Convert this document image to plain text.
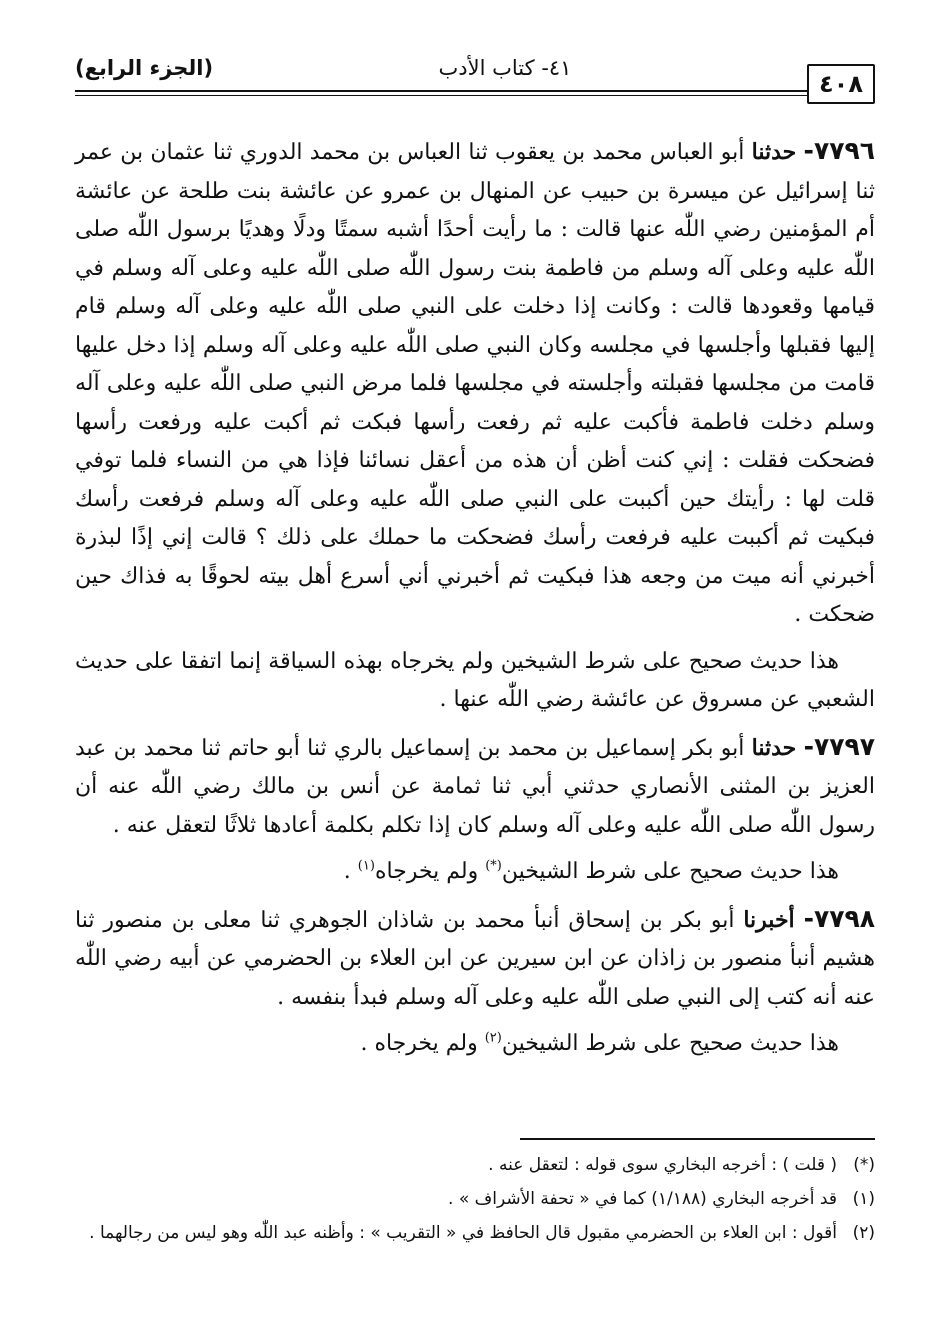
(الجزء الرابع)	٤١- كتاب الأدب
٤٠٨

٧٧٩٦- حدثنا أبو العباس محمد بن يعقوب ثنا العباس بن محمد الدوري ثنا عثمان بن عمر ثنا إسرائيل عن ميسرة بن حبيب عن المنهال بن عمرو عن عائشة بنت طلحة عن عائشة أم المؤمنين رضي اللّٰه عنها قالت : ما رأيت أحدًا أشبه سمتًا ودلًا وهديًا برسول اللّٰه صلى اللّٰه عليه وعلى آله وسلم من فاطمة بنت رسول اللّٰه صلى اللّٰه عليه وعلى آله وسلم في قيامها وقعودها قالت : وكانت إذا دخلت على النبي صلى اللّٰه عليه وعلى آله وسلم قام إليها فقبلها وأجلسها في مجلسه وكان النبي صلى اللّٰه عليه وعلى آله وسلم إذا دخل عليها قامت من مجلسها فقبلته وأجلسته في مجلسها فلما مرض النبي صلى اللّٰه عليه وعلى آله وسلم دخلت فاطمة فأكبت عليه ثم رفعت رأسها فبكت ثم أكبت عليه ورفعت رأسها فضحكت فقلت : إني كنت أظن أن هذه من أعقل نسائنا فإذا هي من النساء فلما توفي قلت لها : رأيتك حين أكببت على النبي صلى اللّٰه عليه وعلى آله وسلم فرفعت رأسك فبكيت ثم أكببت عليه فرفعت رأسك فضحكت ما حملك على ذلك ؟ قالت إني إذًا لبذرة أخبرني أنه ميت من وجعه هذا فبكيت ثم أخبرني أني أسرع أهل بيته لحوقًا به فذاك حين ضحكت .

هذا حديث صحيح على شرط الشيخين ولم يخرجاه بهذه السياقة إنما اتفقا على حديث الشعبي عن مسروق عن عائشة رضي اللّٰه عنها .

٧٧٩٧- حدثنا أبو بكر إسماعيل بن محمد بن إسماعيل بالري ثنا أبو حاتم ثنا محمد بن عبد العزيز بن المثنى الأنصاري حدثني أبي ثنا ثمامة عن أنس بن مالك رضي اللّٰه عنه أن رسول اللّٰه صلى اللّٰه عليه وعلى آله وسلم كان إذا تكلم بكلمة أعادها ثلاثًا لتعقل عنه .

هذا حديث صحيح على شرط الشيخين(*) ولم يخرجاه$^{(١)}$ .

٧٧٩٨- أخبرنا أبو بكر بن إسحاق أنبأ محمد بن شاذان الجوهري ثنا معلى بن منصور ثنا هشيم أنبأ منصور بن زاذان عن ابن سيرين عن ابن العلاء بن الحضرمي عن أبيه رضي اللّٰه عنه أنه كتب إلى النبي صلى اللّٰه عليه وعلى آله وسلم فبدأ بنفسه .

هذا حديث صحيح على شرط الشيخين$^{(٢)}$ ولم يخرجاه .

(*)
( قلت ) : أخرجه البخاري سوى قوله : لتعقل عنه .
(١)
قد أخرجه البخاري (١/١٨٨) كما في « تحفة الأشراف » .
(٢)
أقول : ابن العلاء بن الحضرمي مقبول قال الحافظ في « التقريب » : وأظنه عبد اللّٰه وهو ليس من رجالهما .
